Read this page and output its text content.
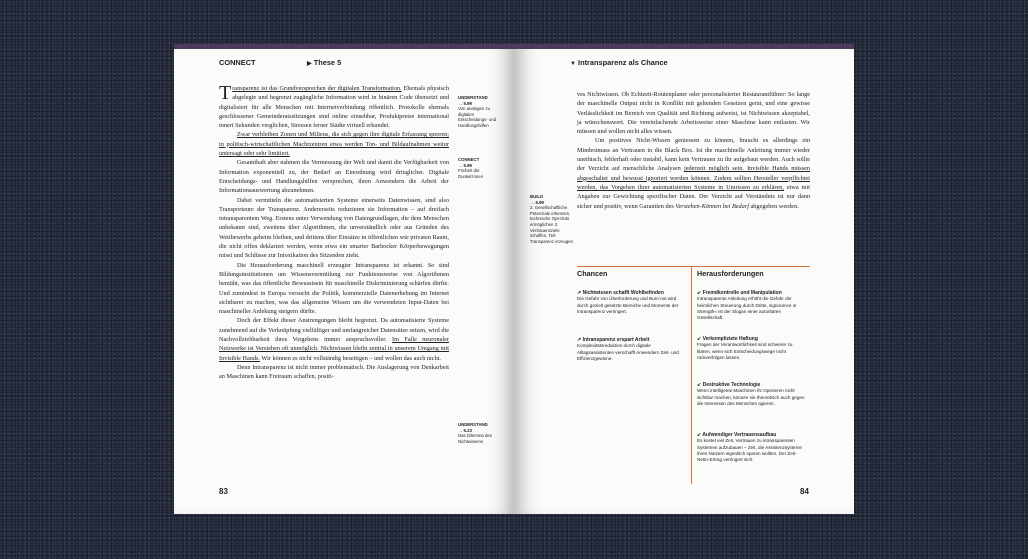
CONNECT	▶ These 5

Transparenz ist das Grundversprechen der digitalen Transformation. Ehemals physisch abgelegte und begrenzt zugängliche Information wird in binären Code übersetzt und digitalisiert für alle Menschen mit Internetverbindung öffentlich. Protokolle ehemals geschlossener Gemeinderatssitzungen sind online einsehbar, Produktpreise international innert Sekunden verglichen, Stressen ferner Städte virtuell erkundet.

Zwar verbleiben Zonen und Milieus, die sich gegen ihre digitale Erfassung sperren; in politisch-wirtschaftlichen Machtzentren etwa werden Ton- und Bildaufnahmen weitur untersagt oder sehr limitiert.

Gesamthaft aber nahmen die Vermessung der Welt und damit die Verfügbarkeit von Information exponentiell zu, der Bedarf an Einordnung wird dringlicher. Digitale Entscheidungs- und Handlungshilfen versprechen, ihren Anwendern die Arbeit der Informationsauswertung abzunehmen.

Dabei vermitteln die automatisierten Systeme einerseits Datenwissen, sind also Transporteure der Transparenz. Andererseits reduzieren sie Information – auf dreifach intransparentem Weg. Erstens unter Verwendung von Datengrundlagen, die dem Menschen unbekannt sind, zweitens über Algorithmen, die unverständlich oder aus Gründen des Wettbewerbs geheim bleiben, und drittens über Einsätze in öffentlichen wie privaten Raum, die nicht offen deklariert werden, wenn etwa ein smarter Barhocker Körperbewegungen misst und Schlüsse zur Intoxikation des Sitzenden zieht.

Die Herausforderung maschinell erzeugter Intransparenz ist erkannt. So sind Bildungsinstitutionen um Wissensvermittlung zur Funktionsweise von Algorithmen bemüht, was das öffentliche Bewusstsein für maschinelle Diskriminierung schärfen dürfte. Und zumindest in Europa versucht die Politik, kommerzielle Datenerhebung im Internet sichtbarer zu machen, was das allgemeine Wissen um die verwendeten Input-Daten bei maschineller Anlekung steigern dürfte.

Doch der Effekt dieser Anstrengungen bleibt begrenzt. Da automatisierte Systeme zunehmend auf die Verknüpfung vielfältiger und umfangreicher Datensätze setzen, wird die Nachvollziehbarkeit ihres Vorgehens immer anspruchsvoller. Im Falle neuronaler Netzwerke ist Verstehen oft unmöglich. Nichtwissen bleibt zentral in unserem Umgang mit Invisible Hands. Wir können es nicht vollständig beseitigen – und wollen das auch nicht.

Denn Intransparenz ist nicht immer problematisch. Die Auslagerung von Denkarbeit an Maschinen kann Freiraum schaffen, positi-

UNDERSTAND
→ 5.99
Von analogen zu digitalen Entscheidungs- und Handlungshilfen
CONNECT
→ 5.99
Freiheit der Dunkelzonen
UNDERSTAND
→ 5.23
Das Dilemma des Nichtwissens
83
▼ Intransparenz als Chance
BUILD
→ 5.99
2. Gesellschaftliche Potenziale erkennen, technische Opt-Outs ermöglichen 3. Vertrauensziele schaffen, Teil-Transparenz erzeugen

ves Nichtwissen. Ob Echtzeit-Routenplaner oder personalisierter Restaurantführer: So lange der maschinelle Output nicht in Konflikt mit geltenden Gesetzen gerät, und eine gewisse Verlässlichkeit im Bereich von Qualität und Richtung aufweist, ist Nichtwissen akzeptabel, ja wünschenswert. Die vereinfachende Arbeitsweise einer Maschine kann entlasten. Wir müssen und wollen nicht alles wissen.

Um positives Nicht-Wissen geniessen zu können, braucht es allerdings ein Mindestmass an Vertrauen in die Black Box. Ist die maschinelle Anleitung immer wieder unethisch, fehlerhaft oder instabil, kann kein Vertrauen zu ihr aufgebaut werden. Auch sollte der Verzicht auf menschliche Analysen jederzeit möglich sein. Invisible Hands müssen abgeschaltet und bewusst ignoriert werden können. Zudem sollten Hersteller verpflichtet werden, das Vorgehen ihrer automatisierten Systeme in Umrissen zu erklären, etwa mit Angaben zur Gewichtung spezifischer Daten. Der Verzicht auf Verständnis ist nur dann sicher und positiv, wenn Garantien des Verstehen-Können bei Bedarf abgegeben werden.

Chancen	Herausforderungen
↗ Nichtwissen schafft Wohlbefinden
Die Gefahr von Überforderung und Burn-out wird durch gezielt gesetzte Bereiche und Momente der Intransparenz verringert.
↗ Intransparenz erspart Arbeit
Komplexitätsreduktion durch digitale Alltagsassistenten verschafft Anwendern Zeit- und Effizienzgewinne.
↙ Fremdkontrolle und Manipulation
Intransparente Anleitung erhöht die Gefahr der heimlichen Steuerung durch Dritte, signorance is Strength« ist der Slogan einer autoritären Gesellschaft.
↙ Verkompliziete Haftung
Fragen der Verantwortlichkeit sind schwerer zu klären, wenn sich Entscheidungswege nicht rückverfolgen lassen.
↙ Destruktive Technologie
Wenn intelligente Maschinen ihr Operieren nicht sichtbar machen, können sie theoretisch auch gegen die Interessen des Menschen agieren.
↙ Aufwendiger Vertrauensaufbau
Es kostet viel Zeit, Vertrauen zu intransparenten Systemen aufzubauen – Zeit, die Assistenzsysteme ihren Nutzern eigentlich sparen wollten. Der Zeit-Netto-Ertrag verringert sich.
84
